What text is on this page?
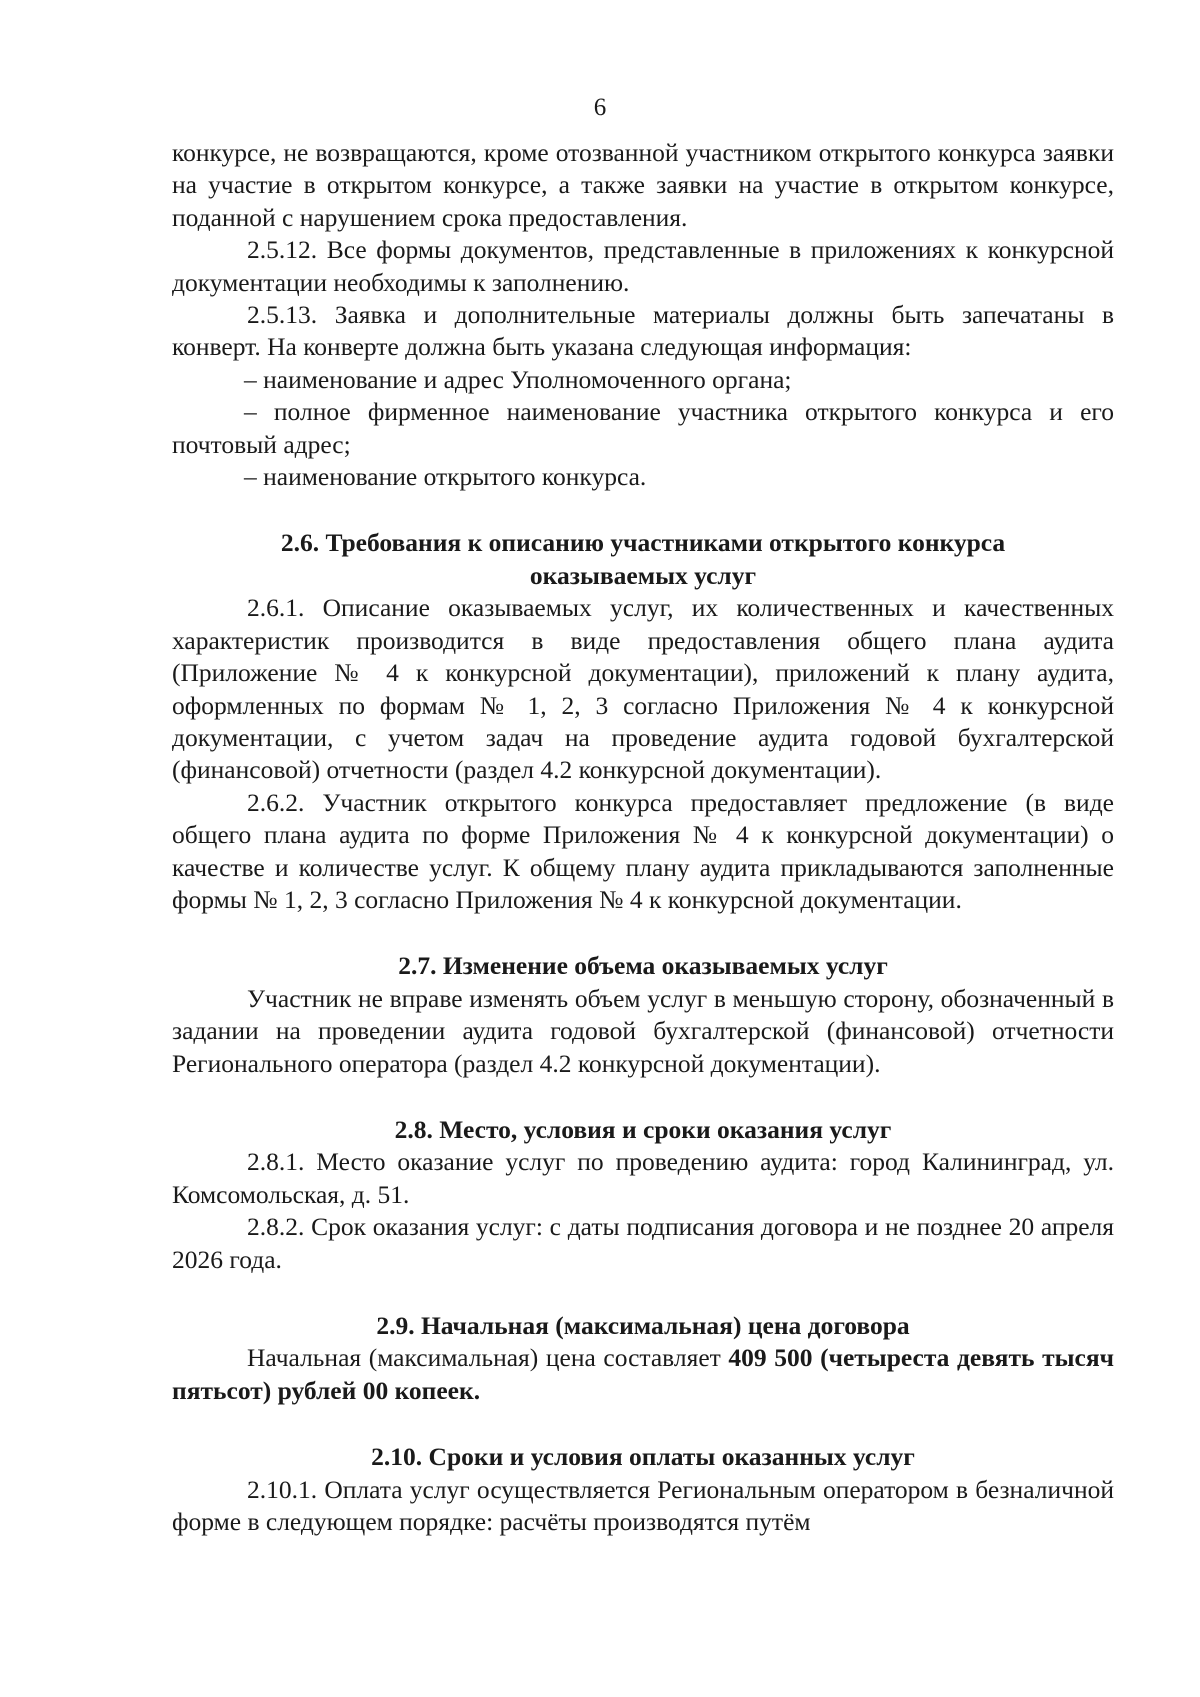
6

конкурсе, не возвращаются, кроме отозванной участником открытого конкурса заявки на участие в открытом конкурсе, а также заявки на участие в открытом конкурсе, поданной с нарушением срока предоставления.

2.5.12. Все формы документов, представленные в приложениях к конкурсной документации необходимы к заполнению.

2.5.13. Заявка и дополнительные материалы должны быть запечатаны в конверт. На конверте должна быть указана следующая информация:

– наименование и адрес Уполномоченного органа;

– полное фирменное наименование участника открытого конкурса и его почтовый адрес;

– наименование открытого конкурса.

2.6. Требования к описанию участниками открытого конкурса

оказываемых услуг

2.6.1. Описание оказываемых услуг, их количественных и качественных характеристик производится в виде предоставления общего плана аудита (Приложение № 4 к конкурсной документации), приложений к плану аудита, оформленных по формам № 1, 2, 3 согласно Приложения № 4 к конкурсной документации, с учетом задач на проведение аудита годовой бухгалтерской (финансовой) отчетности (раздел 4.2 конкурсной документации).

2.6.2. Участник открытого конкурса предоставляет предложение (в виде общего плана аудита по форме Приложения № 4 к конкурсной документации) о качестве и количестве услуг. К общему плану аудита прикладываются заполненные формы № 1, 2, 3 согласно Приложения № 4 к конкурсной документации.

2.7. Изменение объема оказываемых услуг

Участник не вправе изменять объем услуг в меньшую сторону, обозначенный в задании на проведении аудита годовой бухгалтерской (финансовой) отчетности Регионального оператора (раздел 4.2 конкурсной документации).

2.8. Место, условия и сроки оказания услуг

2.8.1. Место оказание услуг по проведению аудита: город Калининград, ул. Комсомольская, д. 51.

2.8.2. Срок оказания услуг: с даты подписания договора и не позднее 20 апреля 2026 года.

2.9. Начальная (максимальная) цена договора

Начальная (максимальная) цена составляет 409 500 (четыреста девять тысяч пятьсот) рублей 00 копеек.

2.10. Сроки и условия оплаты оказанных услуг

2.10.1. Оплата услуг осуществляется Региональным оператором в безналичной форме в следующем порядке: расчёты производятся путём
